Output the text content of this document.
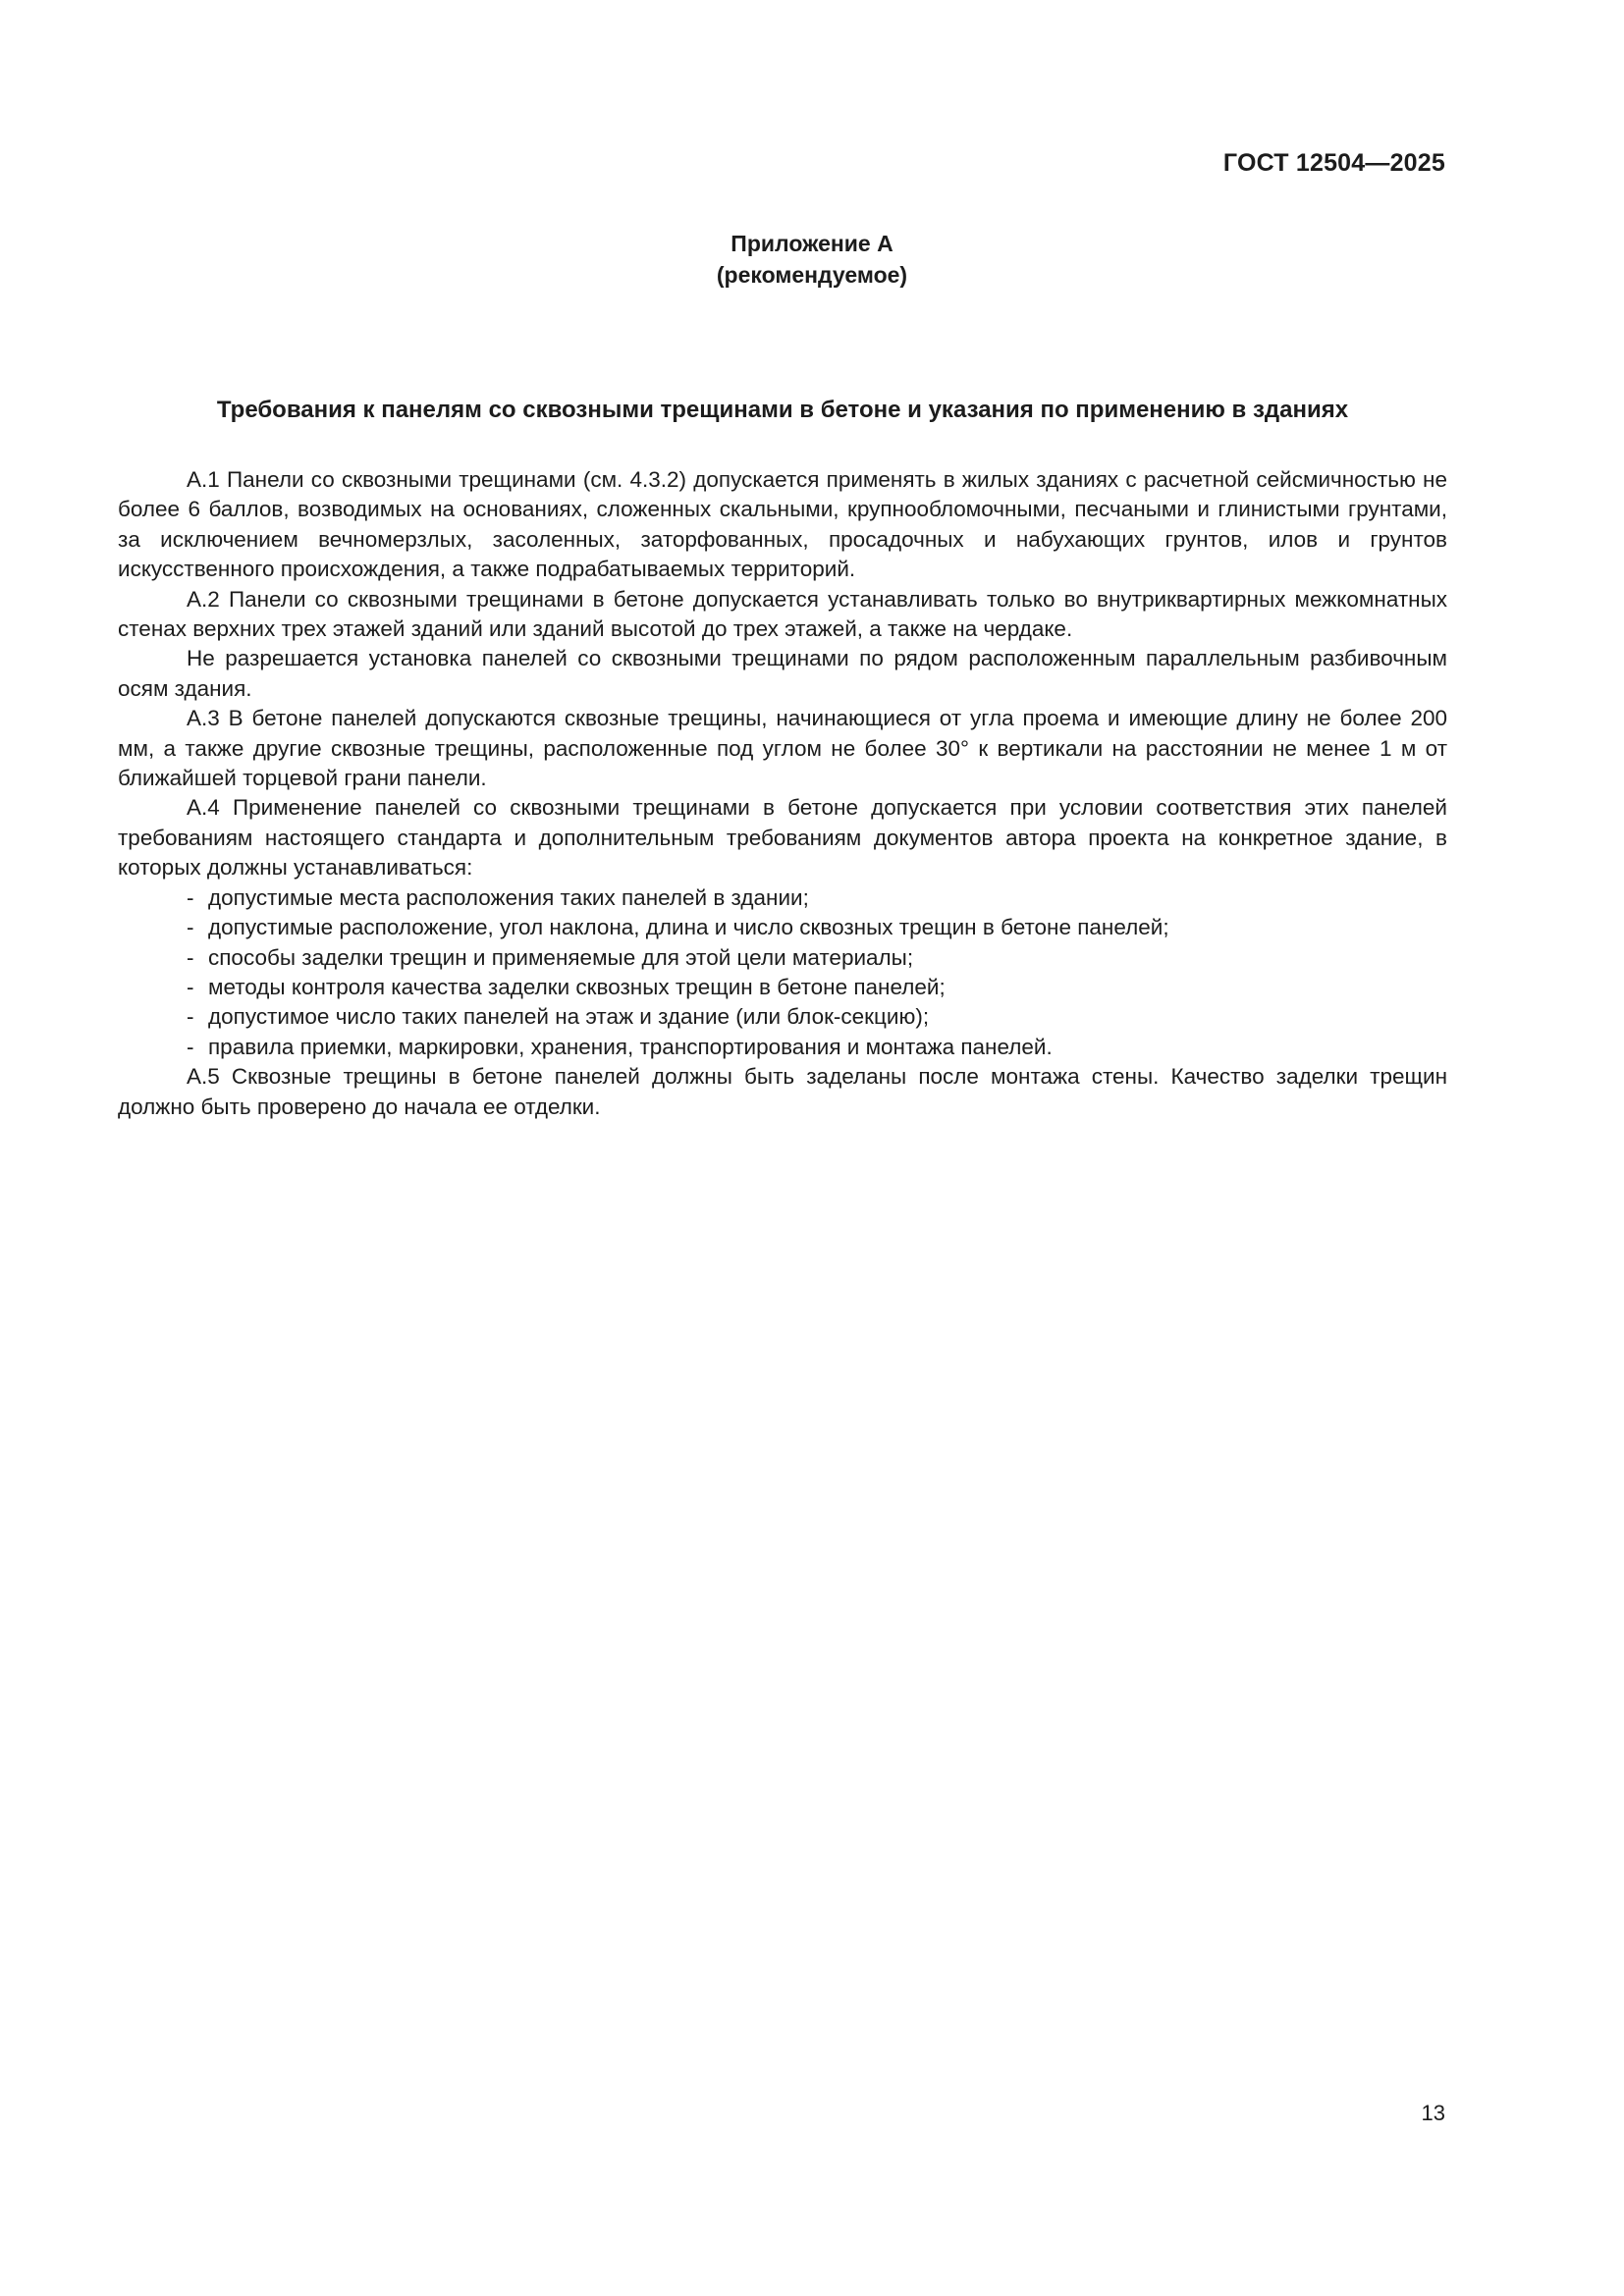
ГОСТ 12504—2025
Приложение А
(рекомендуемое)
Требования к панелям со сквозными трещинами в бетоне и указания по применению в зданиях

А.1 Панели со сквозными трещинами (см. 4.3.2) допускается применять в жилых зданиях с расчетной сейсмичностью не более 6 баллов, возводимых на основаниях, сложенных скальными, крупнообломочными, песчаными и глинистыми грунтами, за исключением вечномерзлых, засоленных, заторфованных, просадочных и набухающих грунтов, илов и грунтов искусственного происхождения, а также подрабатываемых территорий.

А.2 Панели со сквозными трещинами в бетоне допускается устанавливать только во внутриквартирных межкомнатных стенах верхних трех этажей зданий или зданий высотой до трех этажей, а также на чердаке.

Не разрешается установка панелей со сквозными трещинами по рядом расположенным параллельным разбивочным осям здания.

А.3 В бетоне панелей допускаются сквозные трещины, начинающиеся от угла проема и имеющие длину не более 200 мм, а также другие сквозные трещины, расположенные под углом не более 30° к вертикали на расстоянии не менее 1 м от ближайшей торцевой грани панели.

А.4 Применение панелей со сквозными трещинами в бетоне допускается при условии соответствия этих панелей требованиям настоящего стандарта и дополнительным требованиям документов автора проекта на конкретное здание, в которых должны устанавливаться:

- допустимые места расположения таких панелей в здании;
- допустимые расположение, угол наклона, длина и число сквозных трещин в бетоне панелей;
- способы заделки трещин и применяемые для этой цели материалы;
- методы контроля качества заделки сквозных трещин в бетоне панелей;
- допустимое число таких панелей на этаж и здание (или блок-секцию);
- правила приемки, маркировки, хранения, транспортирования и монтажа панелей.

А.5 Сквозные трещины в бетоне панелей должны быть заделаны после монтажа стены. Качество заделки трещин должно быть проверено до начала ее отделки.

13
